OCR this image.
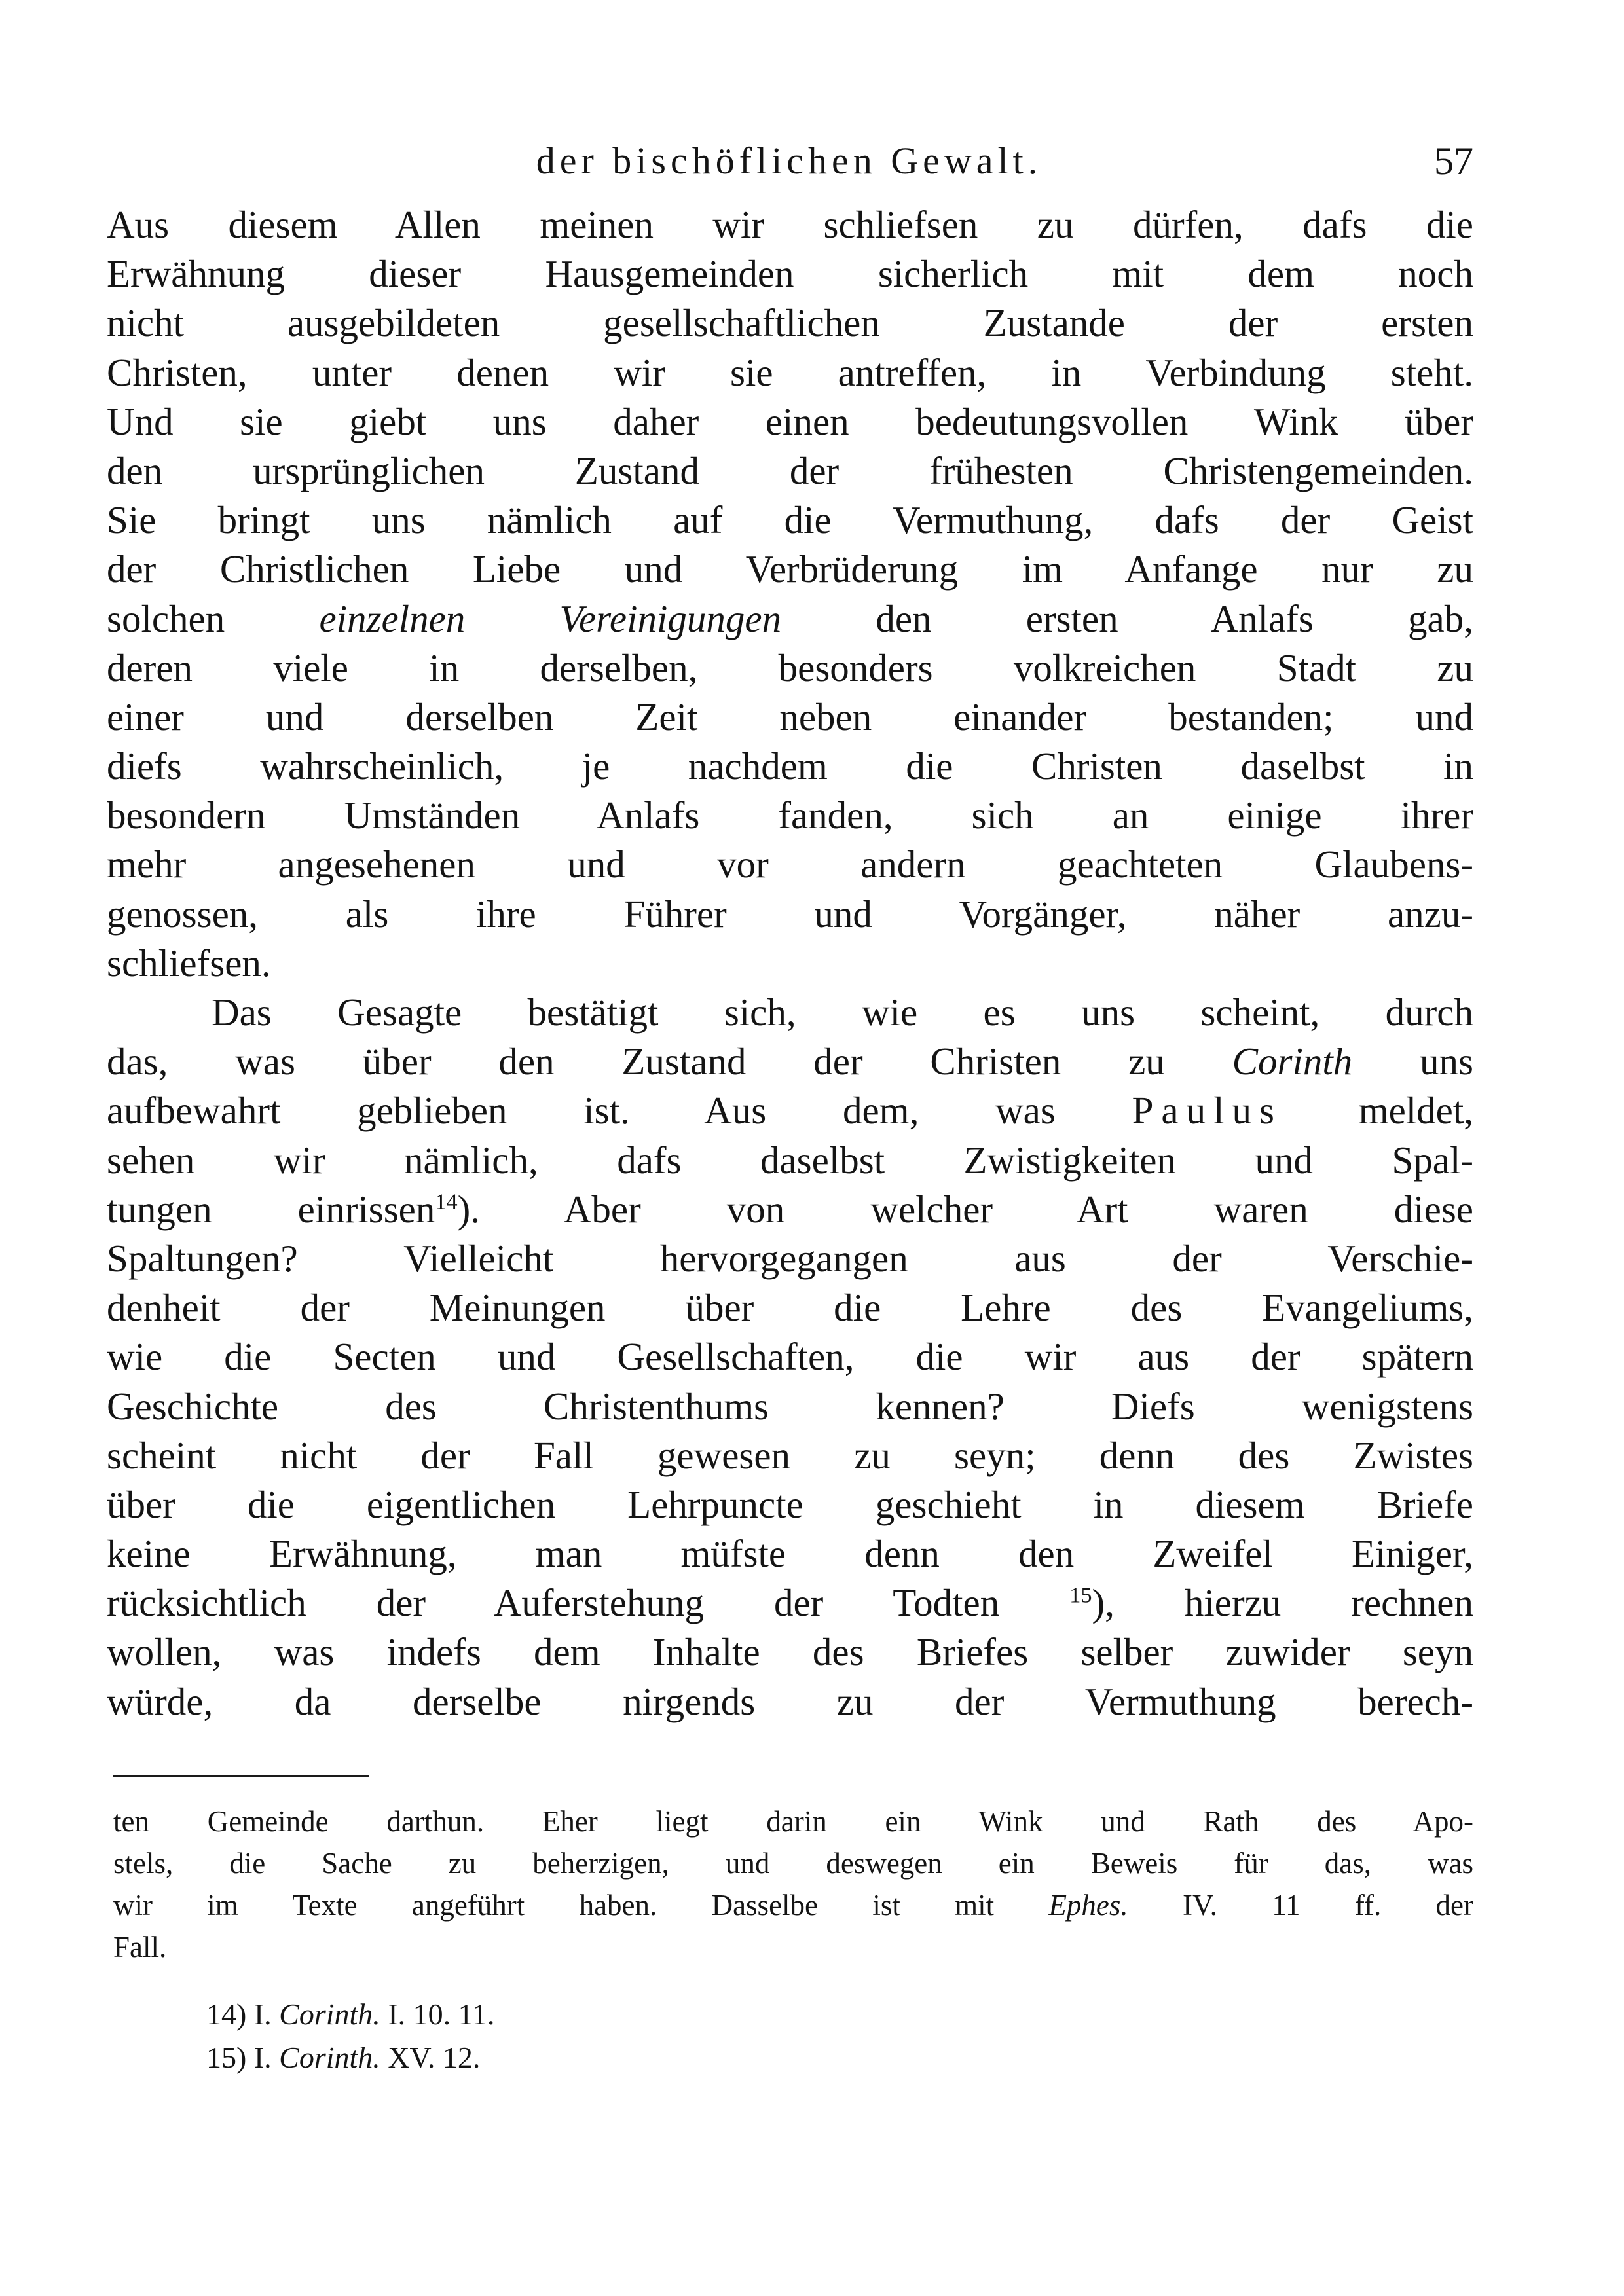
der bischöflichen Gewalt.	57
Aus diesem Allen meinen wir schliefsen zu dürfen, dafs die
Erwähnung dieser Hausgemeinden sicherlich mit dem noch
nicht ausgebildeten gesellschaftlichen Zustande der ersten
Christen, unter denen wir sie antreffen, in Verbindung steht.
Und sie giebt uns daher einen bedeutungsvollen Wink über
den ursprünglichen Zustand der frühesten Christengemeinden.
Sie bringt uns nämlich auf die Vermuthung, dafs der Geist
der Christlichen Liebe und Verbrüderung im Anfange nur zu
solchen einzelnen Vereinigungen den ersten Anlafs gab,
deren viele in derselben, besonders volkreichen Stadt zu
einer und derselben Zeit neben einander bestanden; und
diefs wahrscheinlich, je nachdem die Christen daselbst in
besondern Umständen Anlafs fanden, sich an einige ihrer
mehr angesehenen und vor andern geachteten Glaubens-
genossen, als ihre Führer und Vorgänger, näher anzu-
schliefsen.
Das Gesagte bestätigt sich, wie es uns scheint, durch
das, was über den Zustand der Christen zu Corinth uns
aufbewahrt geblieben ist. Aus dem, was Paulus meldet,
sehen wir nämlich, dafs daselbst Zwistigkeiten und Spal-
tungen einrissen$^{14}$). Aber von welcher Art waren diese
Spaltungen? Vielleicht hervorgegangen aus der Verschie-
denheit der Meinungen über die Lehre des Evangeliums,
wie die Secten und Gesellschaften, die wir aus der spätern
Geschichte des Christenthums kennen? Diefs wenigstens
scheint nicht der Fall gewesen zu seyn; denn des Zwistes
über die eigentlichen Lehrpuncte geschieht in diesem Briefe
keine Erwähnung, man müfste denn den Zweifel Einiger,
rücksichtlich der Auferstehung der Todten	$^{15}$), hierzu rechnen
wollen, was indefs dem Inhalte des Briefes selber zuwider seyn
würde, da derselbe nirgends zu der Vermuthung berech-
ten Gemeinde darthun. Eher liegt darin ein Wink und Rath des Apo-
stels, die Sache zu beherzigen, und deswegen ein Beweis für das, was
wir im Texte angeführt haben. Dasselbe ist mit Ephes. IV. 11 ff. der
Fall.
14) I. Corinth. I. 10. 11.
15) I. Corinth. XV. 12.
